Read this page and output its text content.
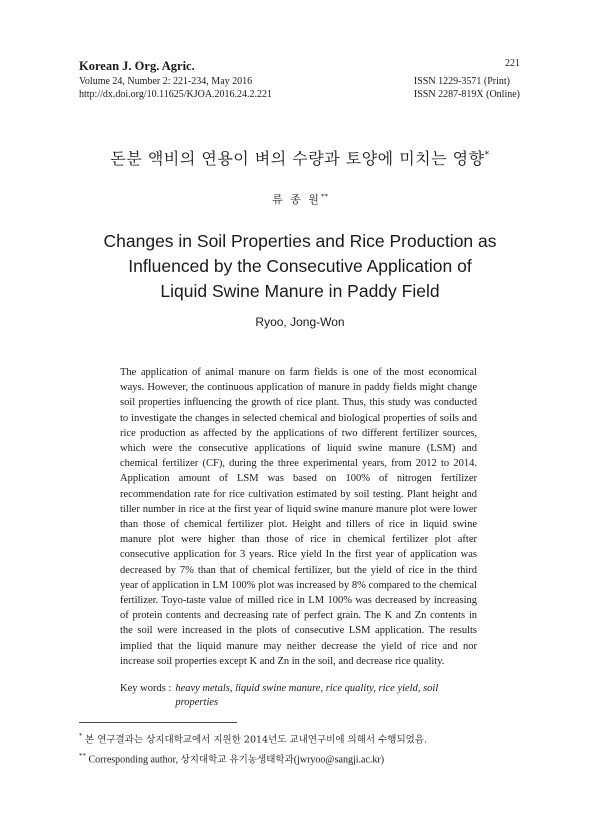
Korean J. Org. Agric.
Volume 24, Number 2: 221-234, May 2016
http://dx.doi.org/10.11625/KJOA.2016.24.2.221
221
ISSN 1229-3571 (Print)
ISSN 2287-819X (Online)
돈분 액비의 연용이 벼의 수량과 토양에 미치는 영향*
류 종 원**
Changes in Soil Properties and Rice Production as
Influenced by the Consecutive Application of
Liquid Swine Manure in Paddy Field
Ryoo, Jong-Won
The application of animal manure on farm fields is one of the most economical ways. However, the continuous application of manure in paddy fields might change soil properties influencing the growth of rice plant. Thus, this study was conducted to investigate the changes in selected chemical and biological properties of soils and rice production as affected by the applications of two different fertilizer sources, which were the consecutive applications of liquid swine manure (LSM) and chemical fertilizer (CF), during the three experimental years, from 2012 to 2014. Application amount of LSM was based on 100% of nitrogen fertilizer recommendation rate for rice cultivation estimated by soil testing. Plant height and tiller number in rice at the first year of liquid swine manure manure plot were lower than those of chemical fertilizer plot. Height and tillers of rice in liquid swine manure plot were higher than those of rice in chemical fertilizer plot after consecutive application for 3 years. Rice yield In the first year of application was decreased by 7% than that of chemical fertilizer, but the yield of rice in the third year of application in LM 100% plot was increased by 8% compared to the chemical fertilizer. Toyo-taste value of milled rice in LM 100% was decreased by increasing of protein contents and decreasing rate of perfect grain. The K and Zn contents in the soil were increased in the plots of consecutive LSM application. The results implied that the liquid manure may neither decrease the yield of rice and nor increase soil properties except K and Zn in the soil, and decrease rice quality.
Key words : heavy metals, liquid swine manure, rice quality, rice yield, soil properties
* 본 연구결과는 상지대학교에서 지원한 2014년도 교내연구비에 의해서 수행되었음.
** Corresponding author, 상지대학교 유기농생태학과(jwryoo@sangji.ac.kr)
